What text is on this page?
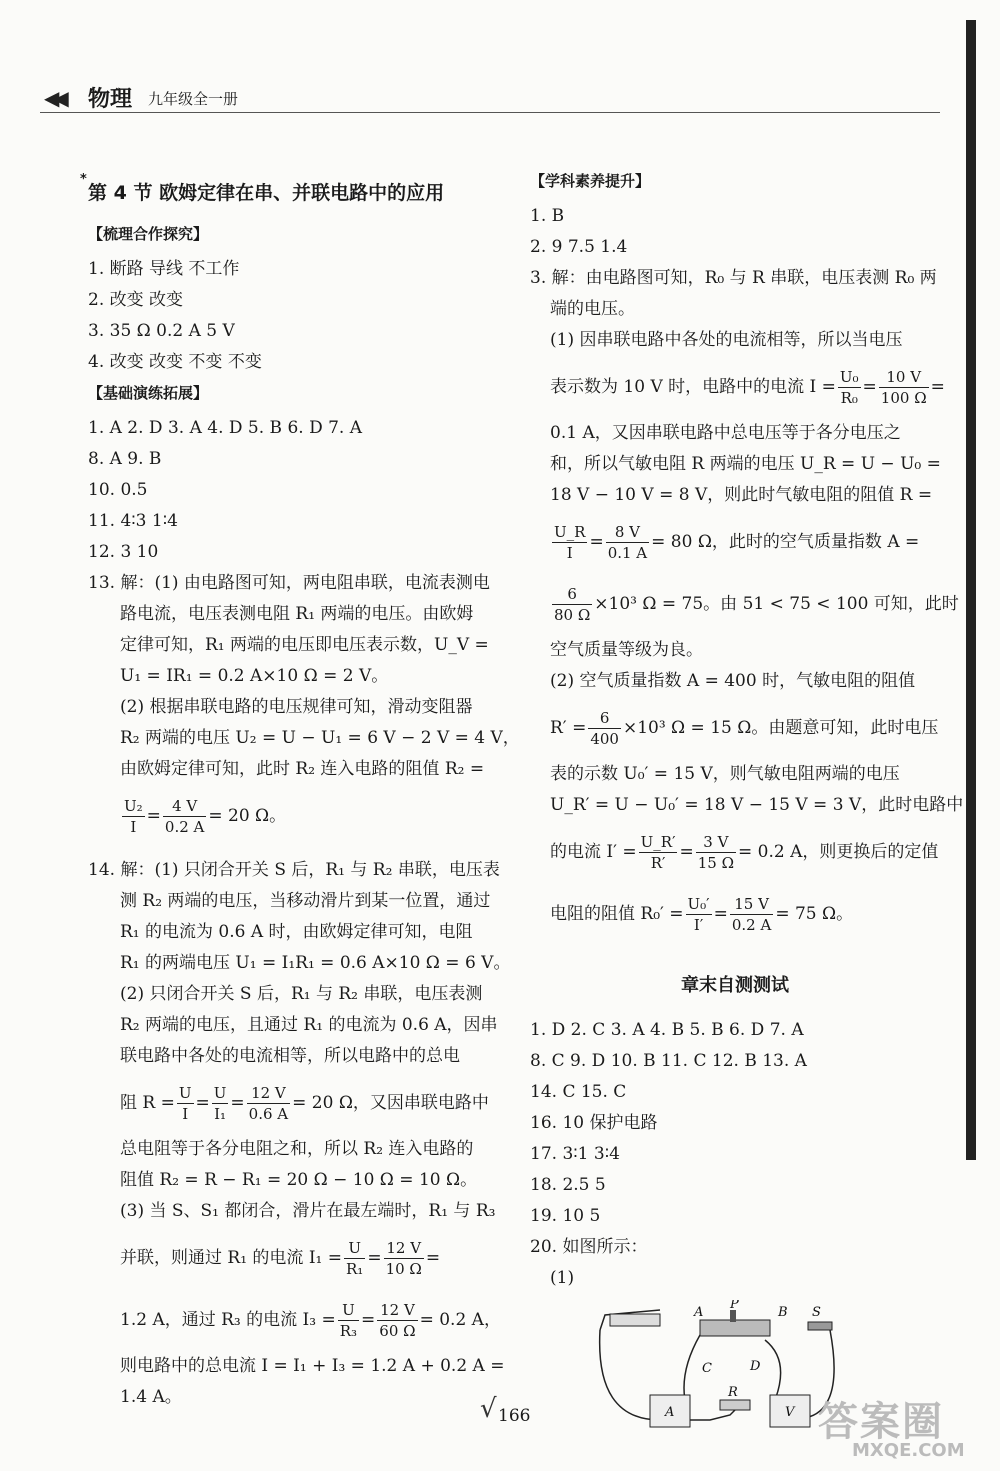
◀◀ 物理 九年级全一册
*
第 4 节 欧姆定律在串、并联电路中的应用
【梳理合作探究】
1. 断路 导线 不工作
2. 改变 改变
3. 35 Ω 0.2 A 5 V
4. 改变 改变 不变 不变
【基础演练拓展】
1. A 2. D 3. A 4. D 5. B 6. D 7. A
8. A 9. B
10. 0.5
11. 4∶3 1∶4
12. 3 10
13. 解：(1) 由电路图可知，两电阻串联，电流表测电
路电流，电压表测电阻 R₁ 两端的电压。由欧姆
定律可知，R₁ 两端的电压即电压表示数，U_V =
U₁ = IR₁ = 0.2 A×10 Ω = 2 V。
(2) 根据串联电路的电压规律可知，滑动变阻器
R₂ 两端的电压 U₂ = U − U₁ = 6 V − 2 V = 4 V，
由欧姆定律可知，此时 R₂ 连入电路的阻值 R₂ =
$\frac{\text{U₂}}{I} = \frac{4 V}{0.2 A} = 20$ Ω。
14. 解：(1) 只闭合开关 S 后，R₁ 与 R₂ 串联，电压表
测 R₂ 两端的电压，当移动滑片到某一位置，通过
R₁ 的电流为 0.6 A 时，由欧姆定律可知，电阻
R₁ 的两端电压 U₁ = I₁R₁ = 0.6 A×10 Ω = 6 V。
(2) 只闭合开关 S 后，R₁ 与 R₂ 串联，电压表测
R₂ 两端的电压，且通过 R₁ 的电流为 0.6 A，因串
联电路中各处的电流相等，所以电路中的总电
阻 $R = \frac{U}{I} = \frac{U}{\text{I₁}} = \frac{12 V}{0.6 A} = 20$ Ω，又因串联电路中
总电阻等于各分电阻之和，所以 R₂ 连入电路的
阻值 R₂ = R − R₁ = 20 Ω − 10 Ω = 10 Ω。
(3) 当 S、S₁ 都闭合，滑片在最左端时，R₁ 与 R₃
并联，则通过 R₁ 的电流 $I_1 = \frac{U}{\text{R₁}} = \frac{12 V}{10 \Omega}$ =
1.2 A，通过 R₃ 的电流 $I_3 = \frac{U}{\text{R₃}} = \frac{12 V}{60 \Omega} = 0.2$ A，
则电路中的总电流 I = I₁ + I₃ = 1.2 A + 0.2 A =
1.4 A。
【学科素养提升】
1. B
2. 9 7.5 1.4
3. 解：由电路图可知，R₀ 与 R 串联，电压表测 R₀ 两
端的电压。
(1) 因串联电路中各处的电流相等，所以当电压
表示数为 10 V 时，电路中的电流 $I = \frac{\text{U₀}}{\text{R₀}} = \frac{10 V}{100 \Omega}$ =
0.1 A，又因串联电路中总电压等于各分电压之
和，所以气敏电阻 R 两端的电压 U_R = U − U₀ =
18 V − 10 V = 8 V，则此时气敏电阻的阻值 R =
$\frac{U\_R}{I} = \frac{8 V}{0.1 A} = 80$ Ω，此时的空气质量指数 A =
$\frac{6}{80 \Omega} \times 10^3$ Ω = 75。由 51 < 75 < 100 可知，此时
空气质量等级为良。
(2) 空气质量指数 A = 400 时，气敏电阻的阻值
$R' = \frac{6}{400} \times 10^3$ Ω = 15 Ω。由题意可知，此时电压
表的示数 U₀′ = 15 V，则气敏电阻两端的电压
U_R′ = U − U₀′ = 18 V − 15 V = 3 V，此时电路中
的电流 $I' = \frac{U\_R'}{R'} = \frac{3 V}{15 \Omega} = 0.2$ A，则更换后的定值
电阻的阻值 $R_0' = \frac{\text{U₀′}}{I'} = \frac{15 V}{0.2 A} = 75$ Ω。
章末自测测试
1. D 2. C 3. A 4. B 5. B 6. D 7. A
8. C 9. D 10. B 11. C 12. B 13. A
14. C 15. C
16. 10 保护电路
17. 3∶1 3∶4
18. 2.5 5
19. 10 5
20. 如图所示：
(1)
A
P
B S
C	D
R
A	V
√ 166	答案圈
MXQE.COM
